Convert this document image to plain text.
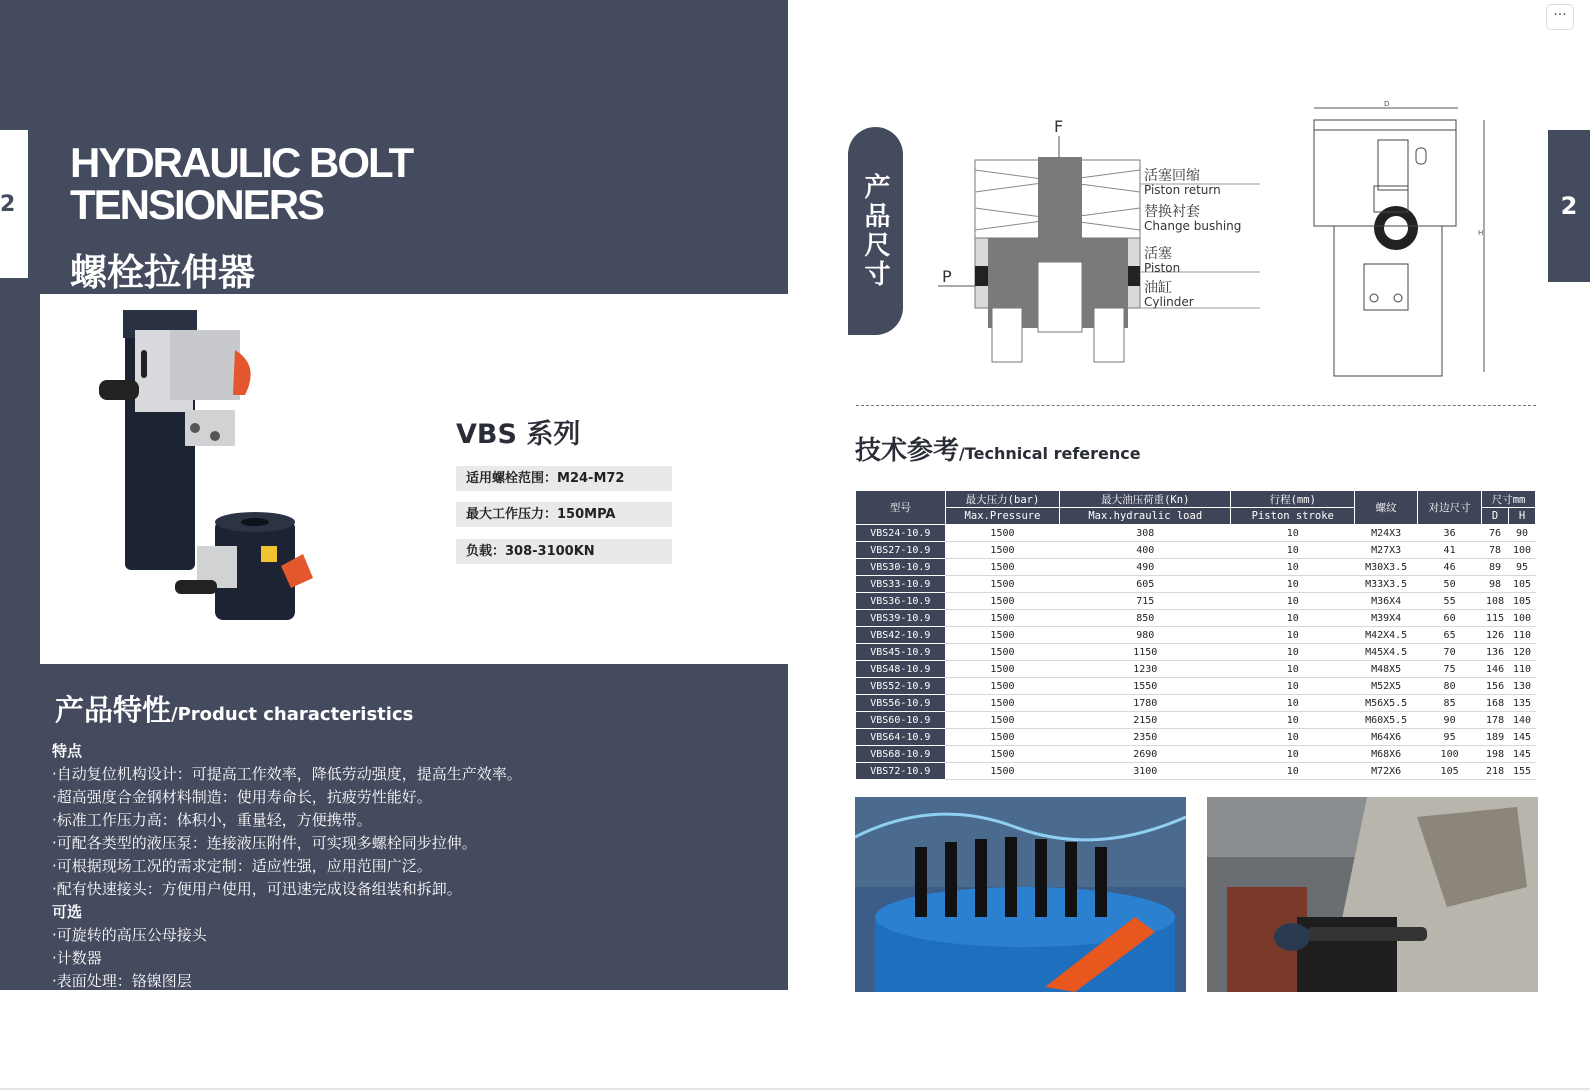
2
HYDRAULIC BOLT
TENSIONERS
螺栓拉伸器
VBS 系列
适用螺栓范围：M24-M72
最大工作压力：150MPA
负载：308-3100KN
产品特性/Product characteristics
特点
·自动复位机构设计：可提高工作效率，降低劳动强度，提高生产效率。
·超高强度合金钢材料制造：使用寿命长，抗疲劳性能好。
·标准工作压力高：体积小，重量轻，方便携带。
·可配各类型的液压泵：连接液压附件，可实现多螺栓同步拉伸。
·可根据现场工况的需求定制：适应性强，应用范围广泛。
·配有快速接头：方便用户使用，可迅速完成设备组装和拆卸。
可选
·可旋转的高压公母接头
·计数器
·表面处理：铬镍图层
···
2
产品尺寸
F
P
活塞回缩
Piston return
替换衬套
Change bushing
活塞
Piston
油缸
Cylinder
D
H
技术参考/Technical reference
型号	最大压力(bar)	最大油压荷重(Kn)	行程(mm)	螺纹	对边尺寸	尺寸mm	
	Max.Pressure	Max.hydraulic load	Piston stroke			D	H
VBS24-10.9	1500	308	10	M24X3	36	76	90
VBS27-10.9	1500	400	10	M27X3	41	78	100
VBS30-10.9	1500	490	10	M30X3.5	46	89	95
VBS33-10.9	1500	605	10	M33X3.5	50	98	105
VBS36-10.9	1500	715	10	M36X4	55	108	105
VBS39-10.9	1500	850	10	M39X4	60	115	100
VBS42-10.9	1500	980	10	M42X4.5	65	126	110
VBS45-10.9	1500	1150	10	M45X4.5	70	136	120
VBS48-10.9	1500	1230	10	M48X5	75	146	110
VBS52-10.9	1500	1550	10	M52X5	80	156	130
VBS56-10.9	1500	1780	10	M56X5.5	85	168	135
VBS60-10.9	1500	2150	10	M60X5.5	90	178	140
VBS64-10.9	1500	2350	10	M64X6	95	189	145
VBS68-10.9	1500	2690	10	M68X6	100	198	145
VBS72-10.9	1500	3100	10	M72X6	105	218	155
